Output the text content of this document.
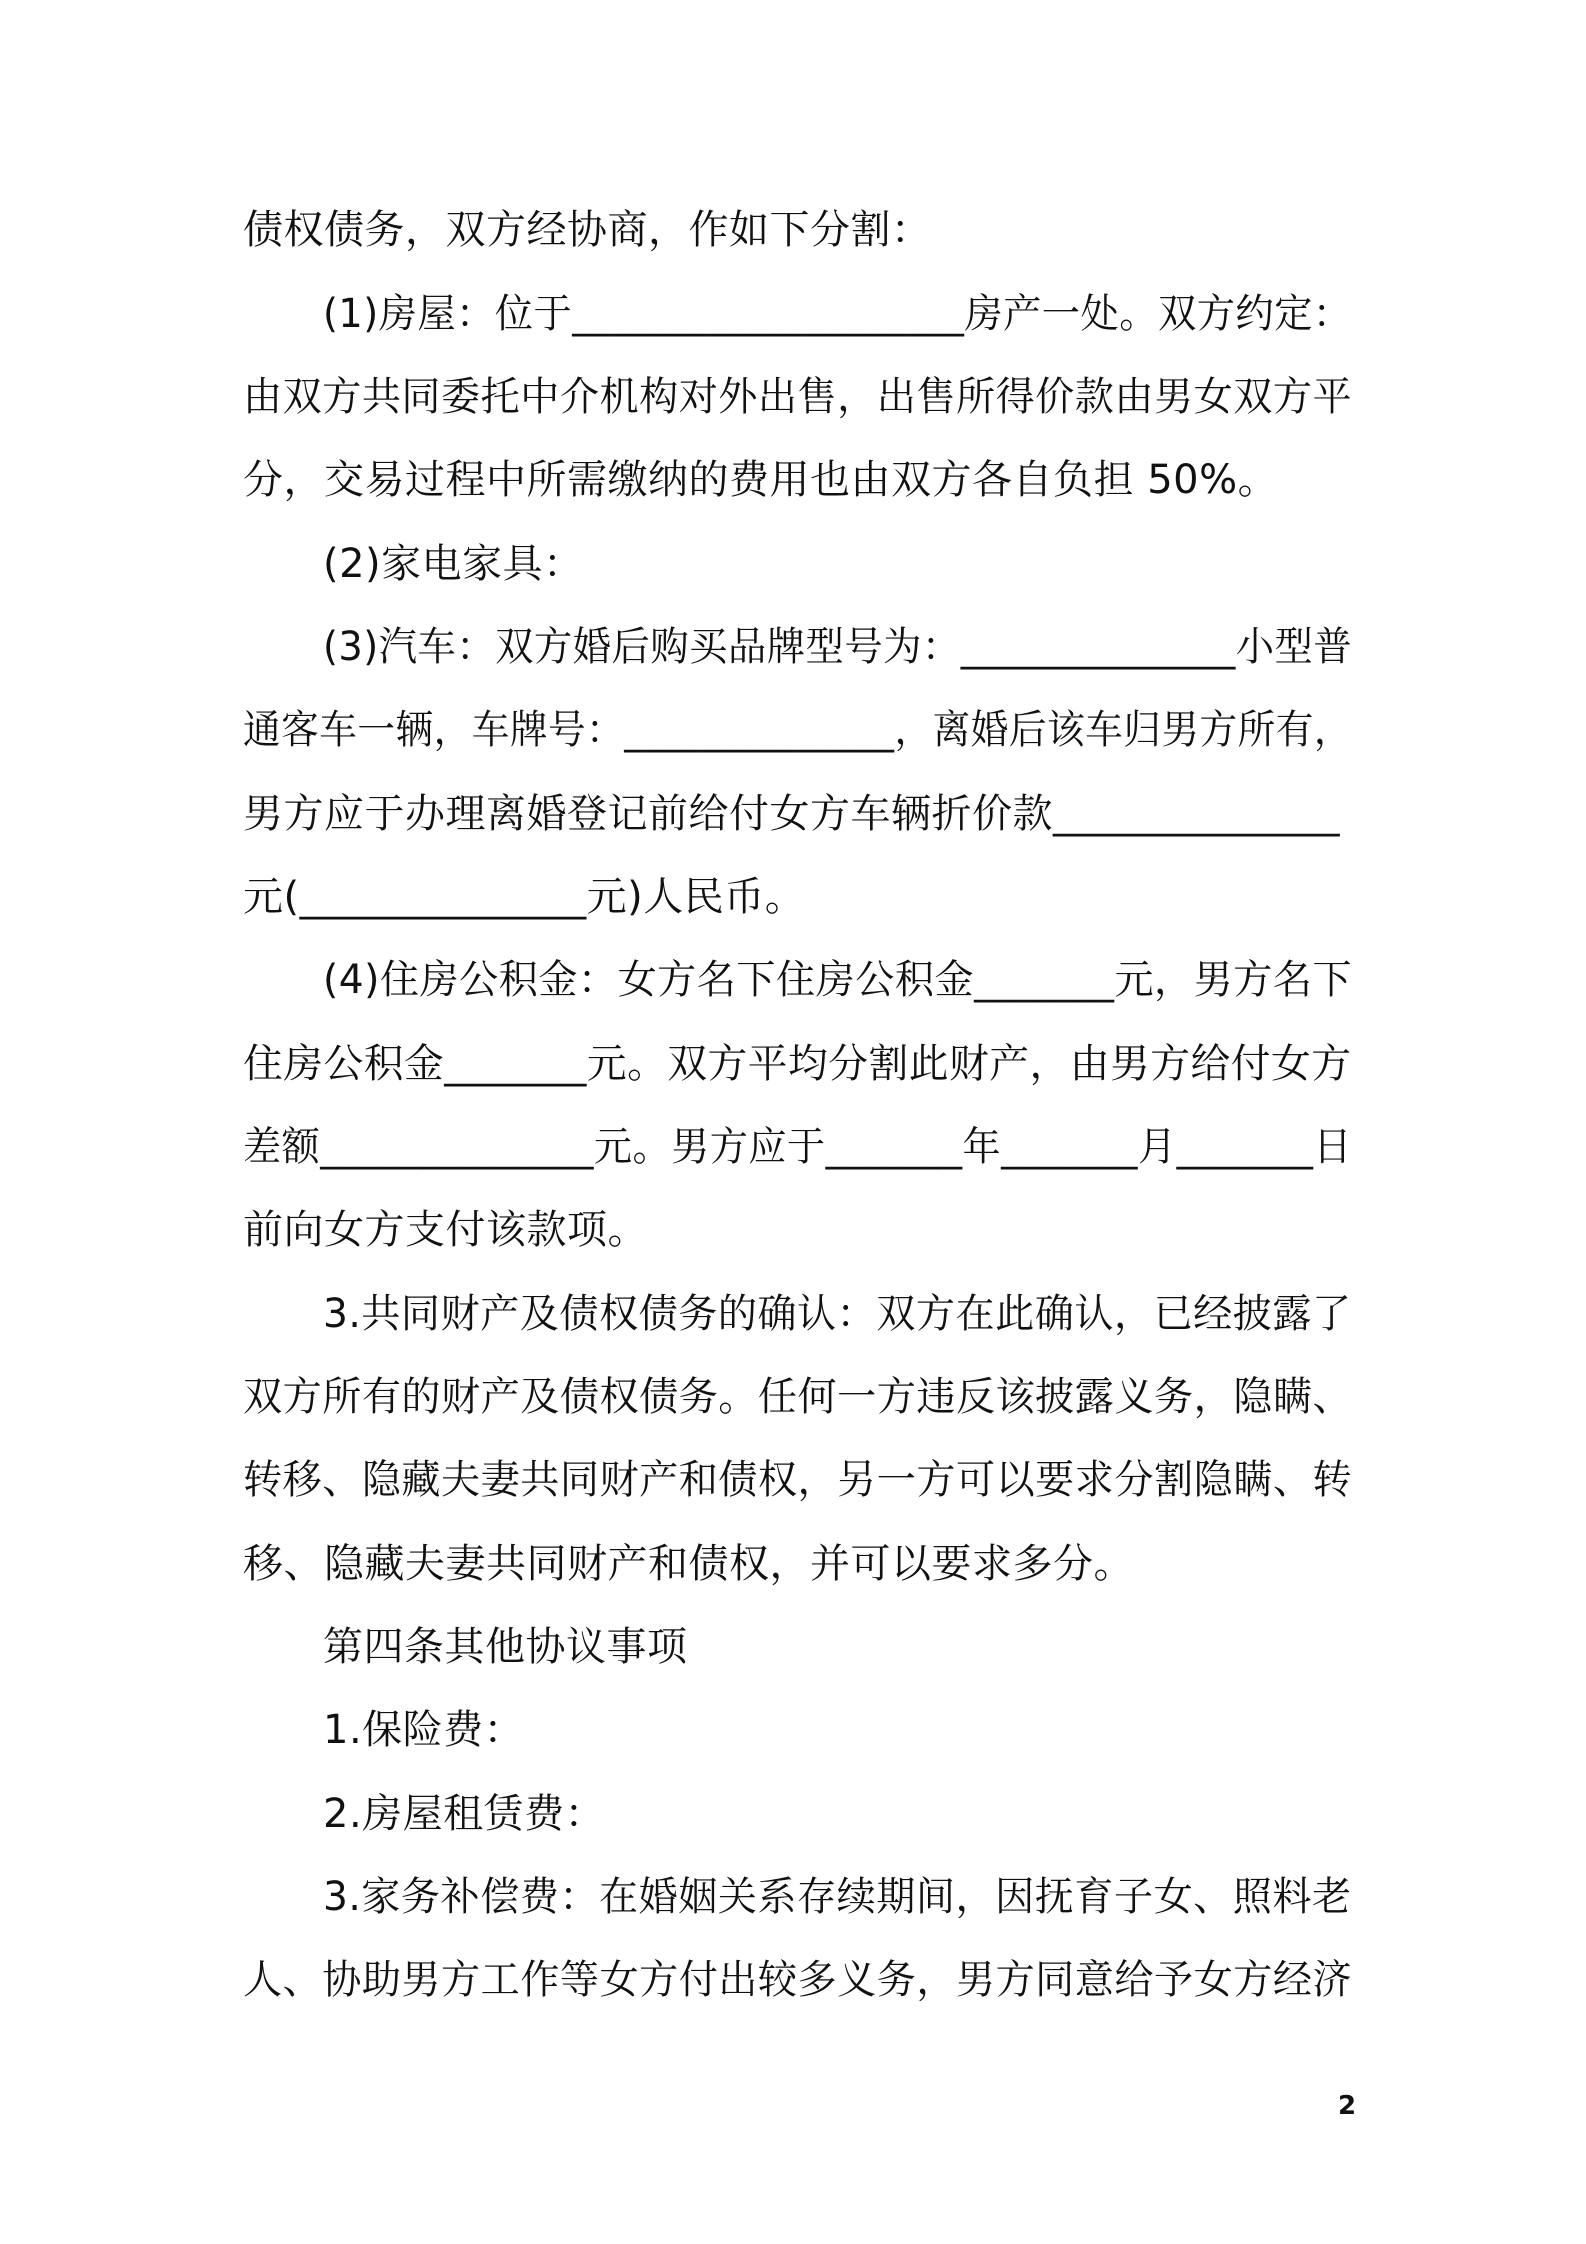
债权债务，双方经协商，作如下分割：
(1)房屋：位于____________________房产一处。双方约定：
由双方共同委托中介机构对外出售，出售所得价款由男女双方平
分，交易过程中所需缴纳的费用也由双方各自负担 50%。
(2)家电家具：
(3)汽车：双方婚后购买品牌型号为：______________小型普
通客车一辆，车牌号：______________，离婚后该车归男方所有，
男方应于办理离婚登记前给付女方车辆折价款______________
元(______________元)人民币。
(4)住房公积金：女方名下住房公积金_______元，男方名下
住房公积金_______元。双方平均分割此财产，由男方给付女方
差额______________元。男方应于_______年_______月_______日
前向女方支付该款项。
3.共同财产及债权债务的确认：双方在此确认，已经披露了
双方所有的财产及债权债务。任何一方违反该披露义务，隐瞒、
转移、隐藏夫妻共同财产和债权，另一方可以要求分割隐瞒、转
移、隐藏夫妻共同财产和债权，并可以要求多分。
第四条其他协议事项
1.保险费：
2.房屋租赁费：
3.家务补偿费：在婚姻关系存续期间，因抚育子女、照料老
人、协助男方工作等女方付出较多义务，男方同意给予女方经济
2
